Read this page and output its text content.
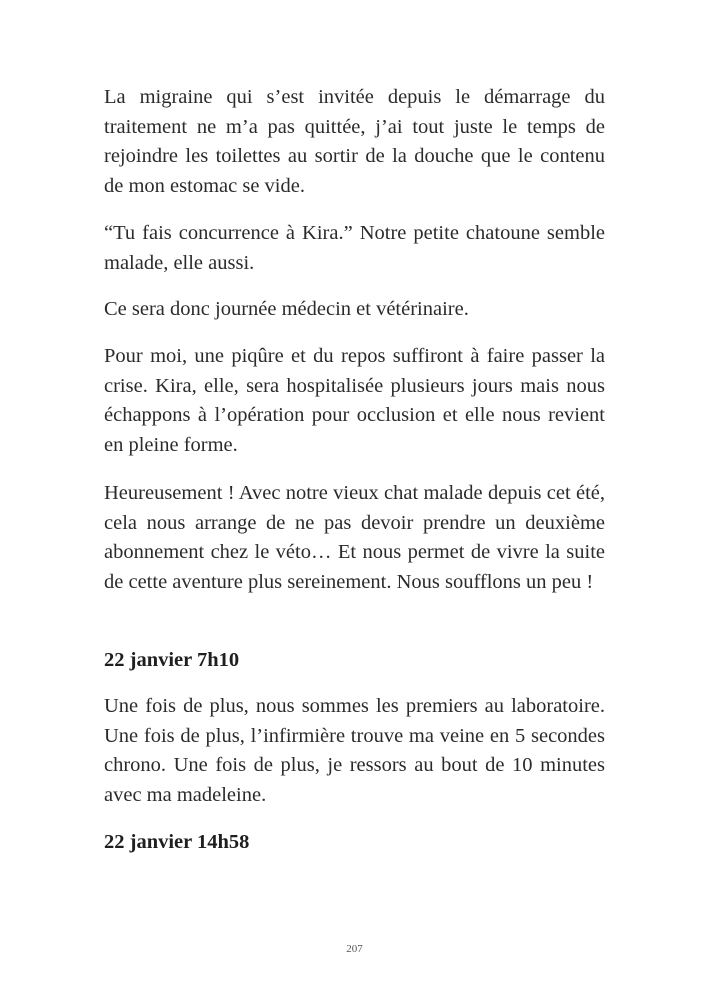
La migraine qui s’est invitée depuis le démarrage du traitement ne m’a pas quittée, j’ai tout juste le temps de rejoindre les toilettes au sortir de la douche que le contenu de mon estomac se vide.

“Tu fais concurrence à Kira.” Notre petite chatoune semble malade, elle aussi.

Ce sera donc journée médecin et vétérinaire.

Pour moi, une piqûre et du repos suffiront à faire passer la crise. Kira, elle, sera hospitalisée plusieurs jours mais nous échappons à l’opération pour occlusion et elle nous revient en pleine forme.

Heureusement ! Avec notre vieux chat malade depuis cet été, cela nous arrange de ne pas devoir prendre un deuxième abonnement chez le véto… Et nous permet de vivre la suite de cette aventure plus sereinement. Nous soufflons un peu !

22 janvier 7h10

Une fois de plus, nous sommes les premiers au laboratoire. Une fois de plus, l’infirmière trouve ma veine en 5 secondes chrono. Une fois de plus, je ressors au bout de 10 minutes avec ma madeleine.

22 janvier 14h58
207
